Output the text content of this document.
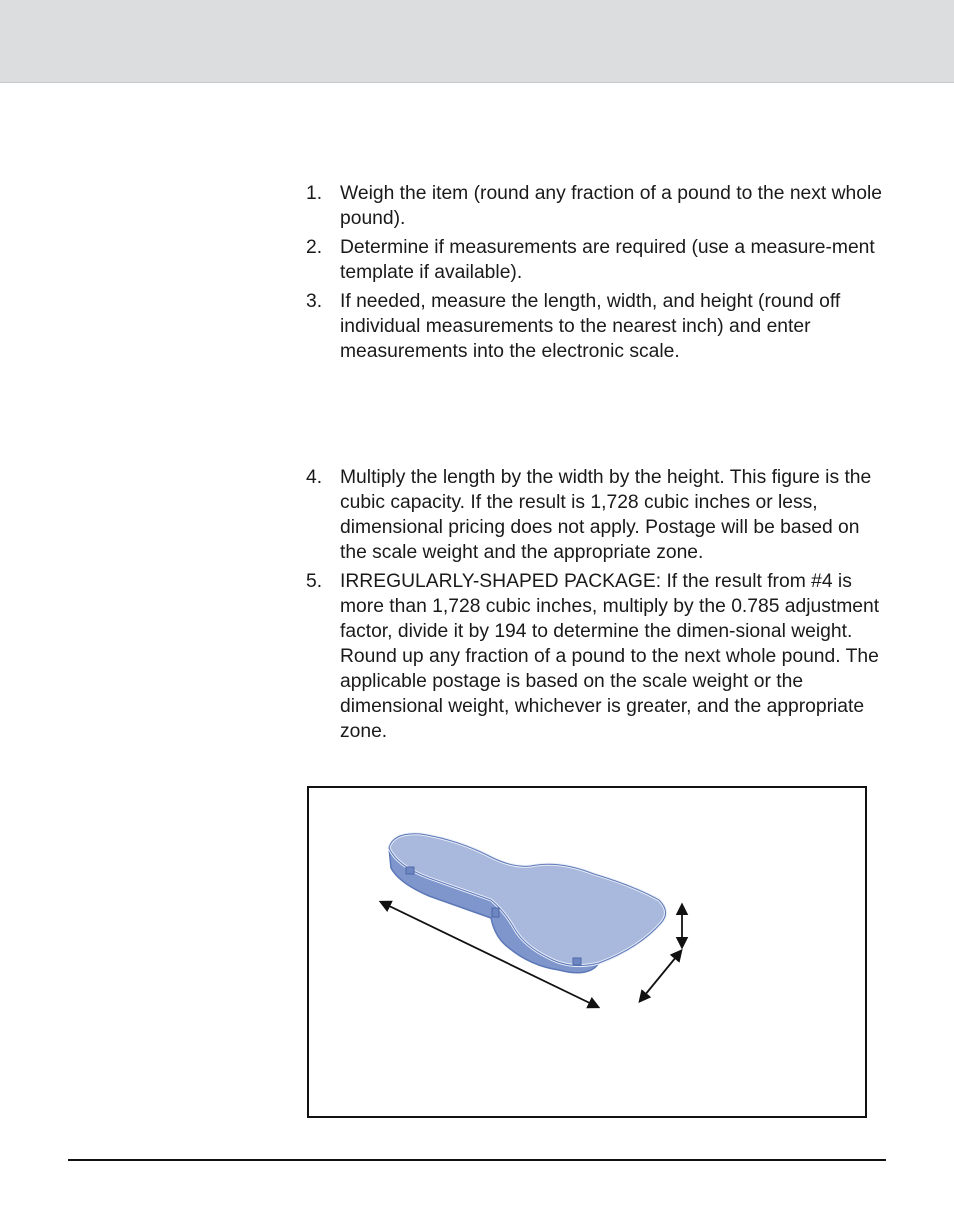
1. Weigh the item (round any fraction of a pound to the next whole pound).
2. Determine if measurements are required (use a measure-ment template if available).
3. If needed, measure the length, width, and height (round off individual measurements to the nearest inch) and enter measurements into the electronic scale.
4. Multiply the length by the width by the height. This figure is the cubic capacity. If the result is 1,728 cubic inches or less, dimensional pricing does not apply. Postage will be based on the scale weight and the appropriate zone.
5. IRREGULARLY-SHAPED PACKAGE: If the result from #4 is more than 1,728 cubic inches, multiply by the 0.785 adjustment factor, divide it by 194 to determine the dimen-sional weight. Round up any fraction of a pound to the next whole pound. The applicable postage is based on the scale weight or the dimensional weight, whichever is greater, and the appropriate zone.
